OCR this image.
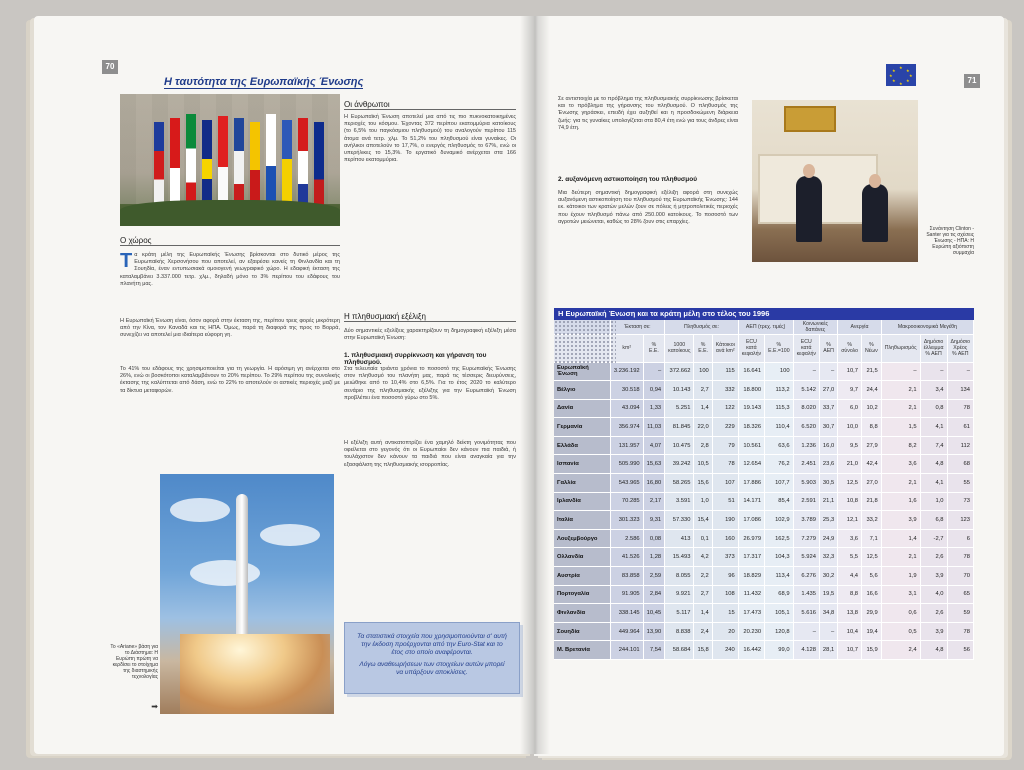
70
Η ταυτότητα της Ευρωπαϊκής Ένωσης
Ο χώρος
Τα κράτη μέλη της Ευρωπαϊκής Ένωσης βρίσκονται στο δυτικό μέρος της Ευρωπαϊκής Χερσονήσου που αποτελεί, αν εξαιρέσει κανείς τη Φινλανδία και τη Σουηδία, έναν εντυπωσιακά ομοιογενή γεωγραφικό χώρο. Η εδαφική έκταση της καταλαμβάνει 3.337.000 τετρ. χλμ., δηλαδή μόνο το 3% περίπου του εδάφους του πλανήτη μας.
Η Ευρωπαϊκή Ένωση είναι, όσον αφορά στην έκταση της, περίπου τρεις φορές μικρότερη από την Κίνα, τον Καναδά και τις ΗΠΑ. Όμως, παρά τη διαφορά της προς το Βορρά, συνεχίζει να αποτελεί μια ιδιαίτερα εύφορη γη.
Το 41% του εδάφους της χρησιμοποιείται για τη γεωργία. Η αρόσιμη γη ανέρχεται στο 26%, ενώ οι βοσκότοποι καταλαμβάνουν το 20% περίπου. Το 29% περίπου της συνολικής έκτασης της καλύπτεται από δάση, ενώ το 22% το αποτελούν οι αστικές περιοχές μαζί με τα δίκτυα μεταφορών.
Οι άνθρωποι
Η Ευρωπαϊκή Ένωση αποτελεί μια από τις πιο πυκνοκατοικημένες περιοχές του κόσμου. Έχοντας 372 περίπου εκατομμύρια κατοίκους (το 6,5% του παγκόσμιου πληθυσμού) του αναλογούν περίπου 115 άτομα ανά τετρ. χλμ. Το 51,2% του πληθυσμού είναι γυναίκες. Οι ανήλικοι αποτελούν το 17,7%, ο ενεργός πληθυσμός το 67%, ενώ οι υπερήλικες το 15,3%. Το εργατικό δυναμικό ανέρχεται στα 166 περίπου εκατομμύρια.
Η πληθυσμιακή εξέλιξη
Δύο σημαντικές εξελίξεις χαρακτηρίζουν τη δημογραφική εξέλιξη μέσα στην Ευρωπαϊκή Ένωση:
1. πληθυσμιακή συρρίκνωση και γήρανση του πληθυσμού.
Στα τελευταία τριάντα χρόνια το ποσοστό της Ευρωπαϊκής Ένωσης στον πληθυσμό του πλανήτη μας, παρά τις τέσσερις διευρύνσεις, μειώθηκε από το 10,4% στο 6,5%. Για το έτος 2020 το καλύτερο σενάριο της πληθυσμιακής εξέλιξης για την Ευρωπαϊκή Ένωση προβλέπει ένα ποσοστό γύρω στο 5%.
Η εξέλιξη αυτή αντικατοπτρίζει ένα χαμηλό δείκτη γονιμότητας που οφείλεται στο γεγονός ότι οι Ευρωπαίοι δεν κάνουν πια παιδιά, ή τουλάχιστον δεν κάνουν τα παιδιά που είναι αναγκαία για την εξασφάλιση της πληθυσμιακής ισορροπίας.
Το «Ariane» βάση για το Διάστημα: Η Ευρώπη πρώτη να κερδίσει το στοίχημα της διαστημικής τεχνολογίας
➡
Τα στατιστικά στοιχεία που χρησιμοποιούνται σ' αυτή την έκδοση προέρχονται από την Euro-Stat και το έτος στο οποίο αναφέρονται.
Λόγω αναθεωρήσεων των στοιχείων αυτών μπορεί να υπάρξουν αποκλίσεις.
71
★
★	★
★	★
★	★
★
Σε αντιστοιχία με το πρόβλημα της πληθυσμιακής συρρίκνωσης βρίσκεται και το πρόβλημα της γήρανσης του πληθυσμού. Ο πληθυσμός της Ένωσης γηράσκει, επειδή έχει αυξηθεί και η προσδοκώμενη διάρκεια ζωής: για τις γυναίκες υπολογίζεται στα 80,4 έτη ενώ για τους άνδρες είναι 74,9 έτη.
2. αυξανόμενη αστικοποίηση του πληθυσμού
Μια δεύτερη σημαντική δημογραφική εξέλιξη αφορά στη συνεχώς αυξανόμενη αστικοποίηση του πληθυσμού της Ευρωπαϊκής Ένωσης: 144 εκ. κάτοικοι των κρατών μελών ζουν σε πόλεις ή μητροπολιτικές περιοχές που έχουν πληθυσμό πάνω από 250.000 κατοίκους. Το ποσοστό των αγροτών μειώνεται, καθώς το 28% ζουν στις επαρχίες.
Συνάντηση Clinton - Santer για τις σχέσεις Ένωσης - ΗΠΑ: Η Ευρώπη αξιόπιστη συμμαχία
Η Ευρωπαϊκή Ένωση και τα κράτη μέλη στο τέλος του 1996
	Έκταση σε:		Πληθυσμός σε:			ΑΕΠ (τρεχ. τιμές)		Κοινωνικές δαπάνες		Ανεργία		Μακροοικονομικά Μεγέθη		
	km²	% Ε.Ε.	1000 κατοίκους	% Ε.Ε.	Κάτοικοι ανά km²	ECU κατά κεφαλήν	% Ε.Ε.=100	ECU κατά κεφαλήν	% ΑΕΠ	% σύνολο	% Νέων	Πληθωρισμός	Δημόσιο έλλειμμα % ΑΕΠ	Δημόσιο Χρέος % ΑΕΠ
Ευρωπαϊκή Ένωση	3.236.192	–	372.662	100	115	16.641	100	–	–	10,7	21,5	–	–	–
Βέλγιο	30.518	0,94	10.143	2,7	332	18.800	113,2	5.142	27,0	9,7	24,4	2,1	3,4	134
Δανία	43.094	1,33	5.251	1,4	122	19.143	115,3	8.020	33,7	6,0	10,2	2,1	0,8	78
Γερμανία	356.974	11,03	81.845	22,0	229	18.326	110,4	6.520	30,7	10,0	8,8	1,5	4,1	61
Ελλάδα	131.957	4,07	10.475	2,8	79	10.561	63,6	1.236	16,0	9,5	27,9	8,2	7,4	112
Ισπανία	505.990	15,63	39.242	10,5	78	12.654	76,2	2.451	23,6	21,0	42,4	3,6	4,8	68
Γαλλία	543.965	16,80	58.265	15,6	107	17.886	107,7	5.903	30,5	12,5	27,0	2,1	4,1	55
Ιρλανδία	70.285	2,17	3.591	1,0	51	14.171	85,4	2.591	21,1	10,8	21,8	1,6	1,0	73
Ιταλία	301.323	9,31	57.330	15,4	190	17.086	102,9	3.789	25,3	12,1	33,2	3,9	6,8	123
Λουξεμβούργο	2.586	0,08	413	0,1	160	26.979	162,5	7.279	24,9	3,6	7,1	1,4	-2,7	6
Ολλανδία	41.526	1,28	15.493	4,2	373	17.317	104,3	5.924	32,3	5,5	12,5	2,1	2,6	78
Αυστρία	83.858	2,59	8.055	2,2	96	18.829	113,4	6.276	30,2	4,4	5,6	1,9	3,9	70
Πορτογαλία	91.905	2,84	9.921	2,7	108	11.432	68,9	1.435	19,5	8,8	16,6	3,1	4,0	65
Φινλανδία	338.145	10,45	5.117	1,4	15	17.473	105,1	5.616	34,8	13,8	29,9	0,6	2,6	59
Σουηδία	449.964	13,90	8.838	2,4	20	20.230	120,8	–	–	10,4	19,4	0,5	3,9	78
Μ. Βρετανία	244.101	7,54	58.684	15,8	240	16.442	99,0	4.128	28,1	10,7	15,9	2,4	4,8	56
